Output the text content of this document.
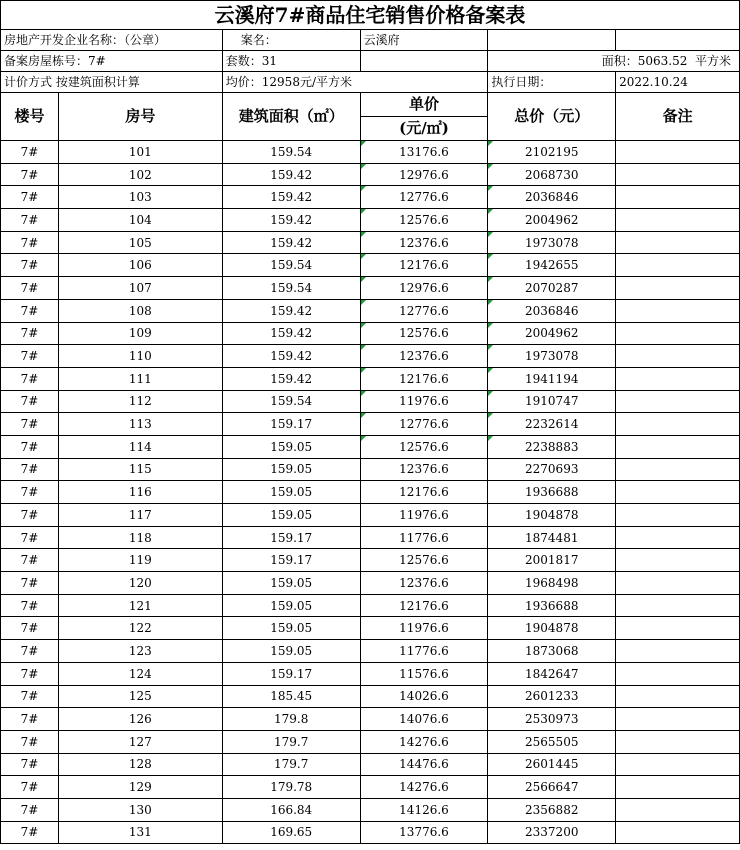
云溪府7#商品住宅销售价格备案表					
房地产开发企业名称：（公章）		案名：	云溪府		
备案房屋栋号：7#		套数：31		面积：5063.52 平方米	
计价方式 按建筑面积计算		均价：12958元/平方米		执行日期：	2022.10.24
楼号	房号	建筑面积（㎡）	单价	总价（元）	备注
			(元/㎡)		
7#	101	159.54	13176.6	2102195	
7#	102	159.42	12976.6	2068730	
7#	103	159.42	12776.6	2036846	
7#	104	159.42	12576.6	2004962	
7#	105	159.42	12376.6	1973078	
7#	106	159.54	12176.6	1942655	
7#	107	159.54	12976.6	2070287	
7#	108	159.42	12776.6	2036846	
7#	109	159.42	12576.6	2004962	
7#	110	159.42	12376.6	1973078	
7#	111	159.42	12176.6	1941194	
7#	112	159.54	11976.6	1910747	
7#	113	159.17	12776.6	2232614	
7#	114	159.05	12576.6	2238883	
7#	115	159.05	12376.6	2270693	
7#	116	159.05	12176.6	1936688	
7#	117	159.05	11976.6	1904878	
7#	118	159.17	11776.6	1874481	
7#	119	159.17	12576.6	2001817	
7#	120	159.05	12376.6	1968498	
7#	121	159.05	12176.6	1936688	
7#	122	159.05	11976.6	1904878	
7#	123	159.05	11776.6	1873068	
7#	124	159.17	11576.6	1842647	
7#	125	185.45	14026.6	2601233	
7#	126	179.8	14076.6	2530973	
7#	127	179.7	14276.6	2565505	
7#	128	179.7	14476.6	2601445	
7#	129	179.78	14276.6	2566647	
7#	130	166.84	14126.6	2356882	
7#	131	169.65	13776.6	2337200	
